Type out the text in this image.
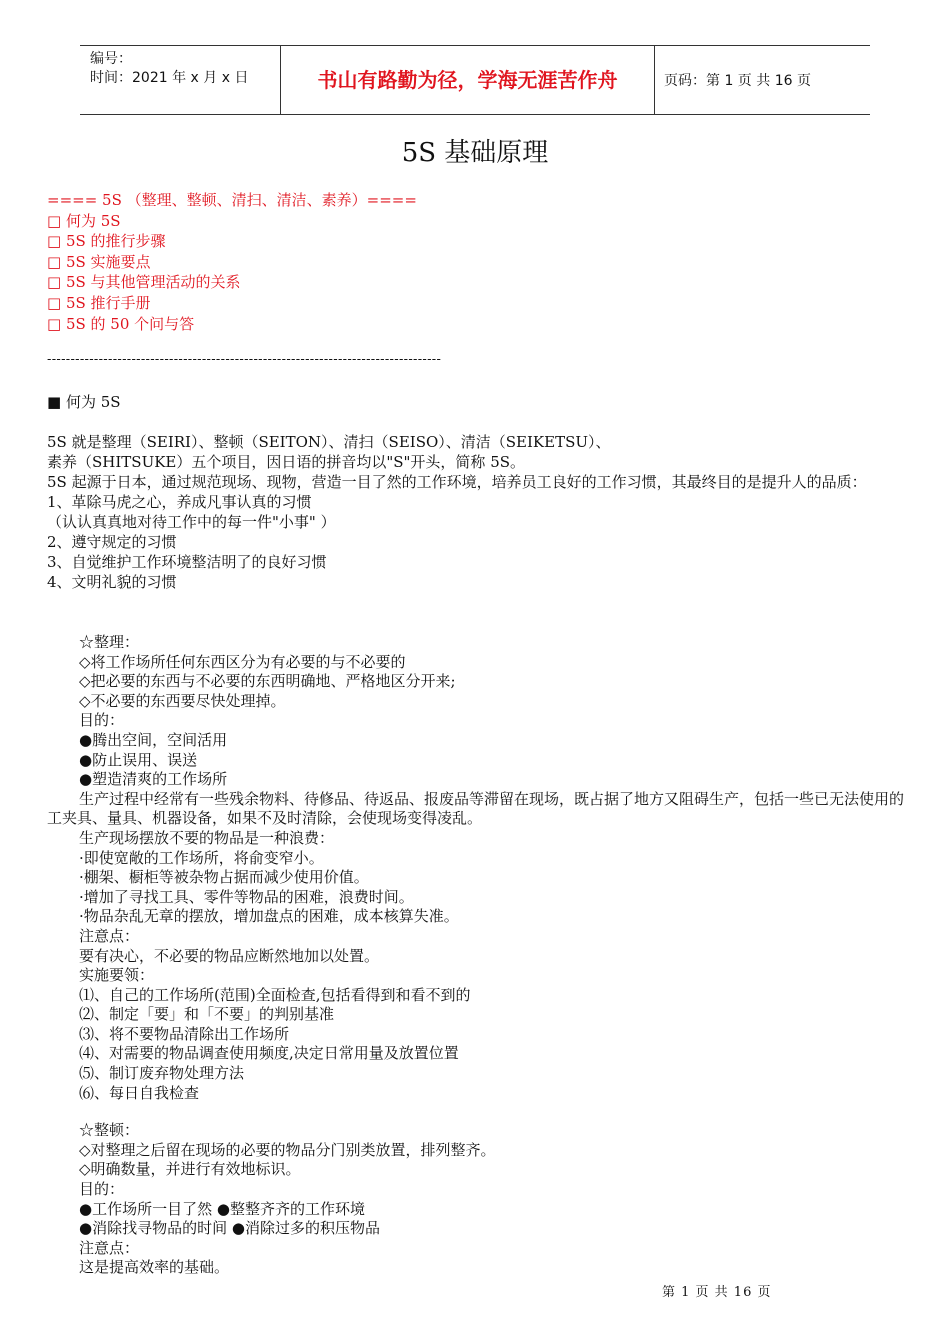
编号：
时间：2021 年 x 月 x 日	书山有路勤为径，学海无涯苦作舟	页码：第 1 页 共 16 页
5S 基础原理
==== 5S （整理、整顿、清扫、清洁、素养）====
□ 何为 5S
□ 5S 的推行步骤
□ 5S 实施要点
□ 5S 与其他管理活动的关系
□ 5S 推行手册
□ 5S 的 50 个问与答
------------------------------------------------------------------------------------
■ 何为 5S
5S 就是整理（SEIRI）、整顿（SEITON）、清扫（SEISO）、清洁（SEIKETSU）、
素养（SHITSUKE）五个项目，因日语的拼音均以"S"开头，简称 5S。
5S 起源于日本，通过规范现场、现物，营造一目了然的工作环境，培养员工良好的工作习惯，其最终目的是提升人的品质：
1、革除马虎之心，养成凡事认真的习惯
（认认真真地对待工作中的每一件"小事" ）
2、遵守规定的习惯
3、自觉维护工作环境整洁明了的良好习惯
4、文明礼貌的习惯
☆整理：
◇将工作场所任何东西区分为有必要的与不必要的
◇把必要的东西与不必要的东西明确地、严格地区分开来;
◇不必要的东西要尽快处理掉。
目的：
●腾出空间，空间活用
●防止误用、误送
●塑造清爽的工作场所
生产过程中经常有一些残余物料、待修品、待返品、报废品等滞留在现场，既占据了地方又阻碍生产，包括一些已无法使用的工夹具、量具、机器设备，如果不及时清除，会使现场变得凌乱。
生产现场摆放不要的物品是一种浪费：
·即使宽敞的工作场所，将俞变窄小。
·棚架、橱柜等被杂物占据而减少使用价值。
·增加了寻找工具、零件等物品的困难，浪费时间。
·物品杂乱无章的摆放，增加盘点的困难，成本核算失准。
注意点：
要有决心，不必要的物品应断然地加以处置。
实施要领：
⑴、自己的工作场所(范围)全面检查,包括看得到和看不到的
⑵、制定「要」和「不要」的判别基准
⑶、将不要物品清除出工作场所
⑷、对需要的物品调查使用频度,决定日常用量及放置位置
⑸、制订废弃物处理方法
⑹、每日自我检查
☆整顿：
◇对整理之后留在现场的必要的物品分门别类放置，排列整齐。
◇明确数量，并进行有效地标识。
目的：
●工作场所一目了然 ●整整齐齐的工作环境
●消除找寻物品的时间 ●消除过多的积压物品
注意点：
这是提高效率的基础。
第 1 页 共 16 页
